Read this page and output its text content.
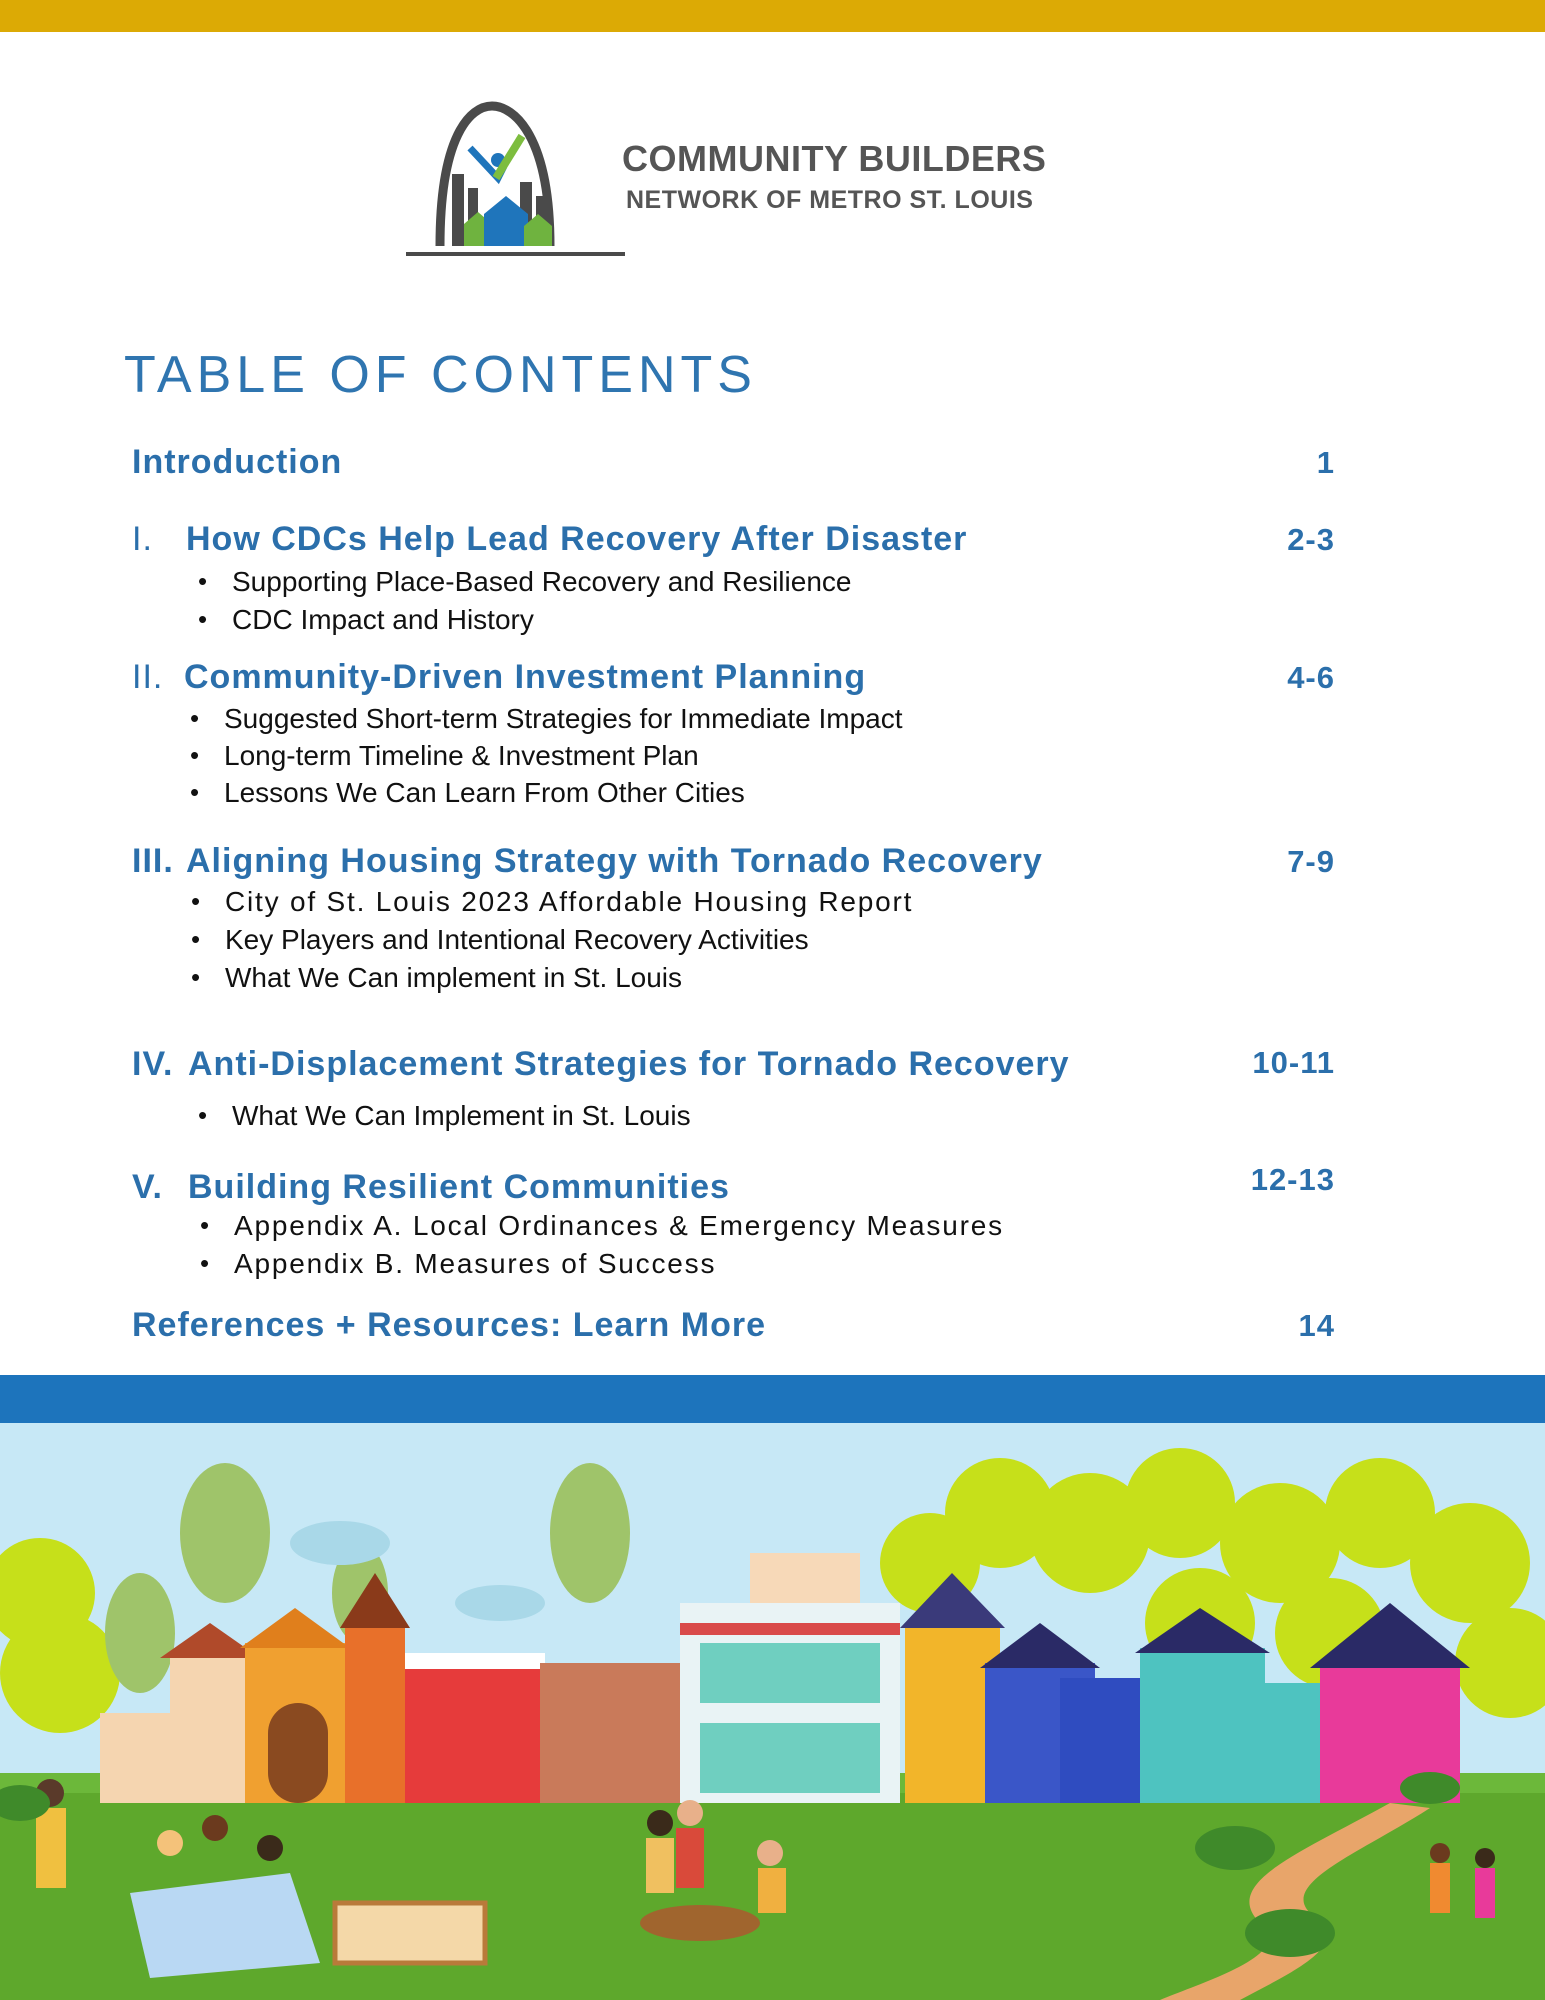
COMMUNITY BUILDERS
NETWORK OF METRO ST. LOUIS
TABLE OF CONTENTS
Introduction	1
I. How CDCs Help Lead Recovery After Disaster	2-3
• Supporting Place-Based Recovery and Resilience
• CDC Impact and History
II. Community-Driven Investment Planning	4-6
• Suggested Short-term Strategies for Immediate Impact
• Long-term Timeline & Investment Plan
• Lessons We Can Learn From Other Cities
III. Aligning Housing Strategy with Tornado Recovery	7-9
• City of St. Louis 2023 Affordable Housing Report
• Key Players and Intentional Recovery Activities
• What We Can implement in St. Louis
IV. Anti-Displacement Strategies for Tornado Recovery	10-11
• What We Can Implement in St. Louis
V. Building Resilient Communities	12-13
• Appendix A. Local Ordinances & Emergency Measures
• Appendix B. Measures of Success
References + Resources: Learn More	14
